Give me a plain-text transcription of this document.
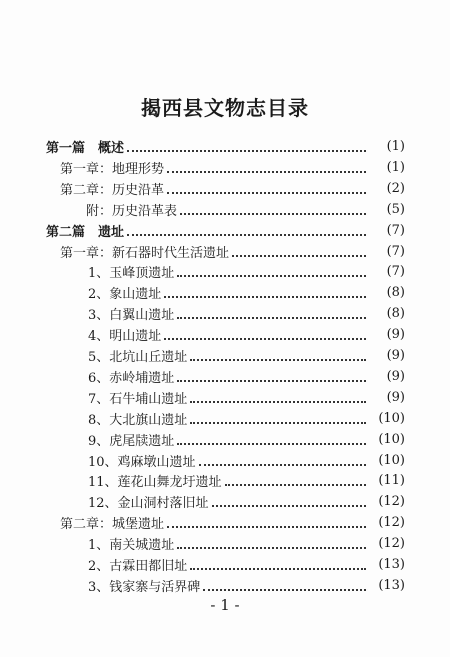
揭西县文物志目录
第一篇　概述	(1)
第一章：地理形势	(1)
第二章：历史沿革	(2)
附：历史沿革表	(5)
第二篇　遗址	(7)
第一章：新石器时代生活遗址	(7)
1、玉峰顶遗址	(7)
2、象山遗址	(8)
3、白翼山遗址	(8)
4、明山遗址	(9)
5、北坑山丘遗址	(9)
6、赤岭埔遗址	(9)
7、石牛埔山遗址	(9)
8、大北旗山遗址	(10)
9、虎尾牍遗址	(10)
10、鸡麻墩山遗址	(10)
11、莲花山舞龙圩遗址	(11)
12、金山洞村落旧址	(12)
第二章：城堡遗址	(12)
1、南关城遗址	(12)
2、古霖田都旧址	(13)
3、钱家寨与活界碑	(13)
- 1 -
